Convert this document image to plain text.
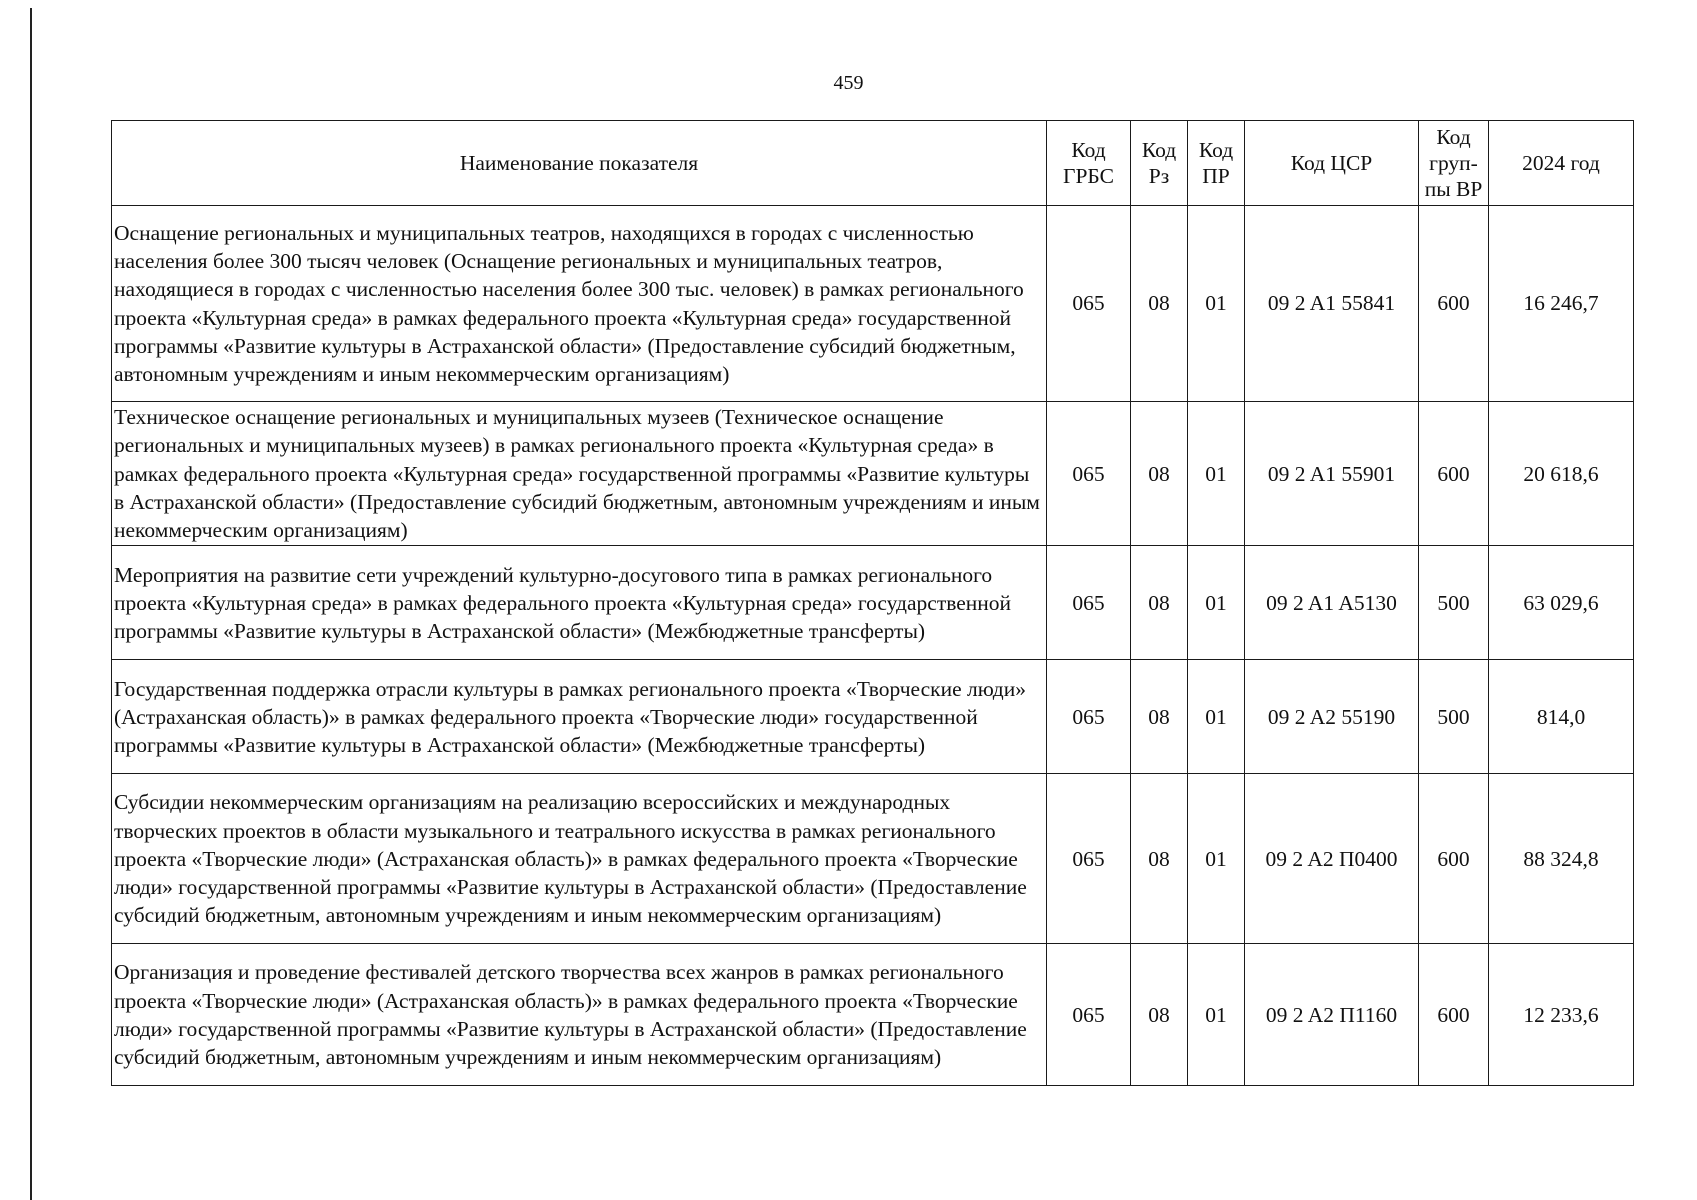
459
Наименование показателя	Код ГРБС	Код Рз	Код ПР	Код ЦСР	Код груп-пы ВР	2024 год
Оснащение региональных и муниципальных театров, находящихся в городах с численностью населения более 300 тысяч человек (Оснащение региональных и муниципальных театров, находящиеся в городах с численностью населения более 300 тыс. человек) в рамках регионального проекта «Культурная среда» в рамках федерального проекта «Культурная среда» государственной программы «Развитие культуры в Астраханской области» (Предоставление субсидий бюджетным, автономным учреждениям и иным некоммерческим организациям)	065	08	01	09 2 A1 55841	600	16 246,7
Техническое оснащение региональных и муниципальных музеев (Техническое оснащение региональных и муниципальных музеев) в рамках регионального проекта «Культурная среда» в рамках федерального проекта «Культурная среда» государственной программы «Развитие культуры в Астраханской области» (Предоставление субсидий бюджетным, автономным учреждениям и иным некоммерческим организациям)	065	08	01	09 2 A1 55901	600	20 618,6
Мероприятия на развитие сети учреждений культурно-досугового типа в рамках регионального проекта «Культурная среда» в рамках федерального проекта «Культурная среда» государственной программы «Развитие культуры в Астраханской области» (Межбюджетные трансферты)	065	08	01	09 2 A1 A5130	500	63 029,6
Государственная поддержка отрасли культуры в рамках регионального проекта «Творческие люди» (Астраханская область)» в рамках федерального проекта «Творческие люди» государственной программы «Развитие культуры в Астраханской области» (Межбюджетные трансферты)	065	08	01	09 2 A2 55190	500	814,0
Субсидии некоммерческим организациям на реализацию всероссийских и международных творческих проектов в области музыкального и театрального искусства в рамках регионального проекта «Творческие люди» (Астраханская область)» в рамках федерального проекта «Творческие люди» государственной программы «Развитие культуры в Астраханской области» (Предоставление субсидий бюджетным, автономным учреждениям и иным некоммерческим организациям)	065	08	01	09 2 A2 П0400	600	88 324,8
Организация и проведение фестивалей детского творчества всех жанров в рамках регионального проекта «Творческие люди» (Астраханская область)» в рамках федерального проекта «Творческие люди» государственной программы «Развитие культуры в Астраханской области» (Предоставление субсидий бюджетным, автономным учреждениям и иным некоммерческим организациям)	065	08	01	09 2 A2 П1160	600	12 233,6
